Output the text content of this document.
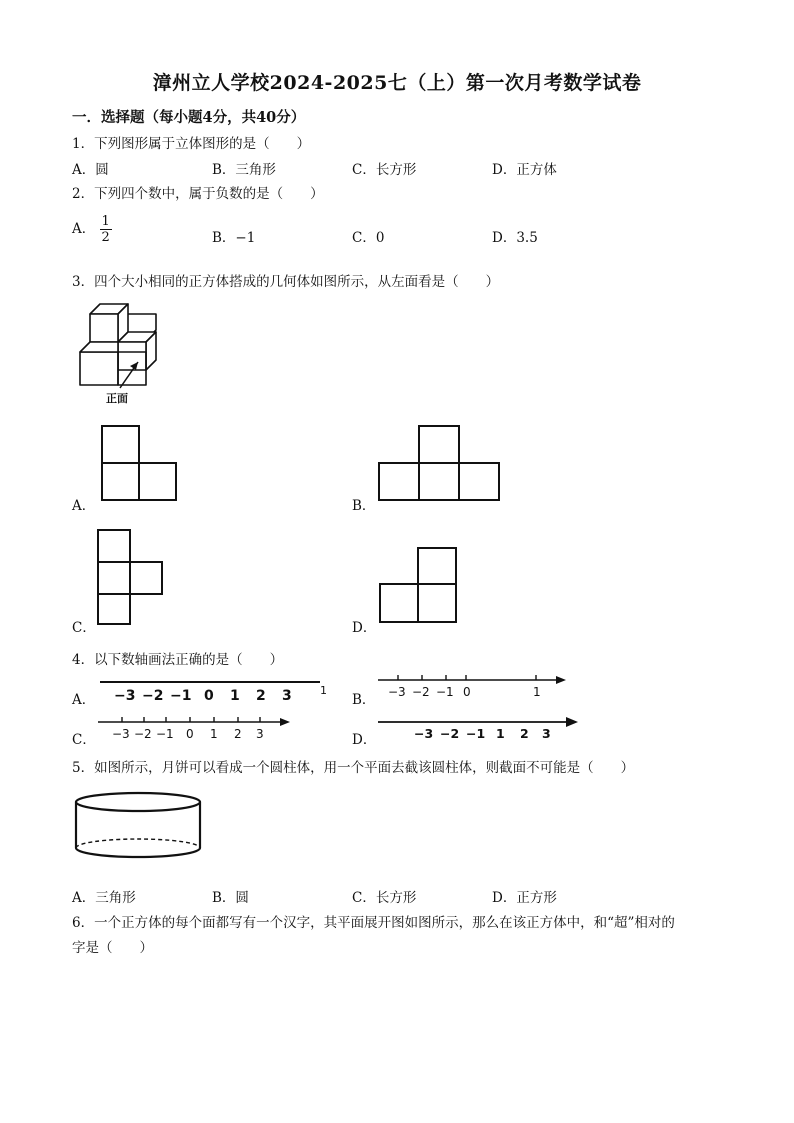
漳州立人学校2024-2025七（上）第一次月考数学试卷
一．选择题（每小题4分，共40分）
1．下列图形属于立体图形的是（　　）
A．圆	B．三角形	C．长方形	D．正方体
2．下列四个数中，属于负数的是（　　）
A． $\frac{1}{2}$	B．−1	C．0	D．3.5
3．四个大小相同的正方体搭成的几何体如图所示，从左面看是（　　）
正面
A．	B．
C．	D．
4．以下数轴画法正确的是（　　）
A． −3 −2 −1 0 1 2 3	1
B． −3 −2 −1 0	1
C． −3 −2 −1 0 1 2 3	D．	−3 −2 −1 1 2 3
5．如图所示，月饼可以看成一个圆柱体，用一个平面去截该圆柱体，则截面不可能是（　　）
A．三角形	B．圆	C．长方形	D．正方形
6．一个正方体的每个面都写有一个汉字，其平面展开图如图所示，那么在该正方体中，和“超”相对的
字是（　　）
